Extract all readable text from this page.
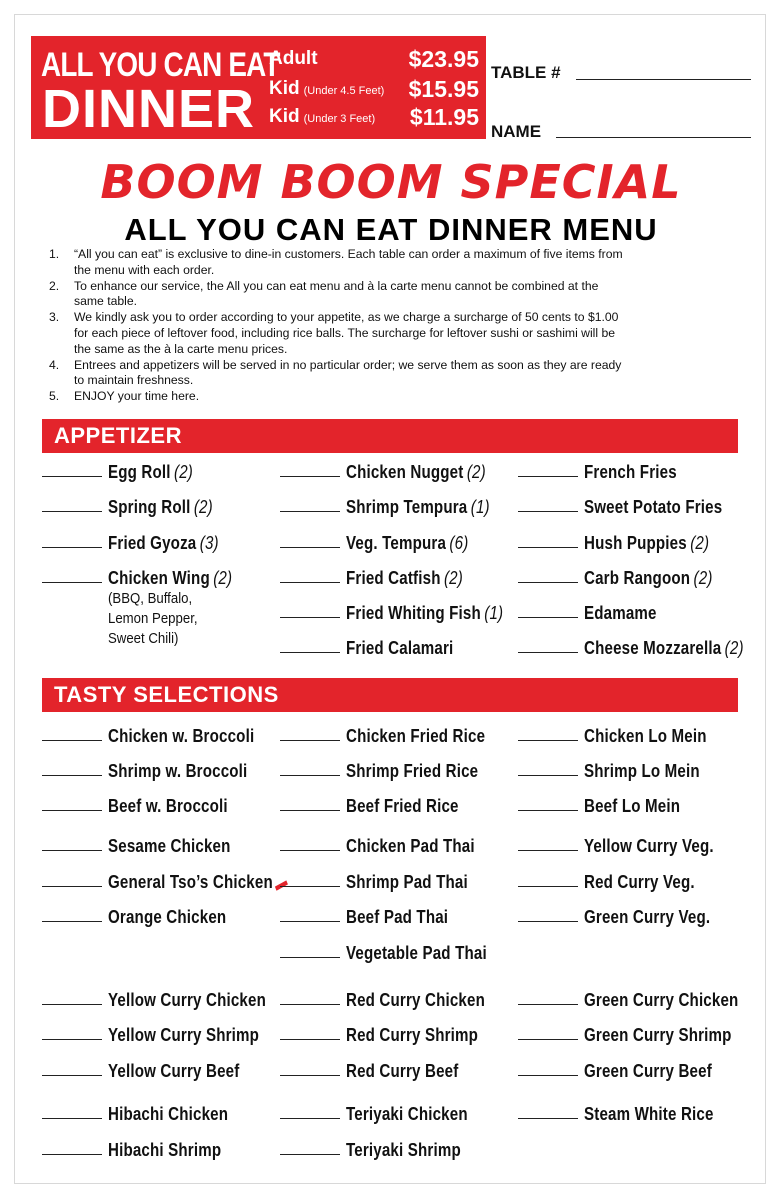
ALL YOU CAN EAT
DINNER
Adult	$23.95
Kid (Under 4.5 Feet) $15.95
Kid (Under 3 Feet) $11.95
TABLE #
NAME
BOOM BOOM SPECIAL
ALL YOU CAN EAT DINNER MENU
1. “All you can eat” is exclusive to dine-in customers. Each table can order a maximum of five items from
the menu with each order.
2. To enhance our service, the All you can eat menu and à la carte menu cannot be combined at the
same table.
3. We kindly ask you to order according to your appetite, as we charge a surcharge of 50 cents to $1.00
for each piece of leftover food, including rice balls. The surcharge for leftover sushi or sashimi will be
the same as the à la carte menu prices.
4. Entrees and appetizers will be served in no particular order; we serve them as soon as they are ready
to maintain freshness.
5. ENJOY your time here.
APPETIZER
Egg Roll (2)
Spring Roll (2)
Fried Gyoza (3)
Chicken Wing (2)
(BBQ, Buffalo,
Lemon Pepper,
Sweet Chili)
Chicken Nugget (2)
Shrimp Tempura (1)
Veg. Tempura (6)
Fried Catfish (2)
Fried Whiting Fish (1)
Fried Calamari
French Fries
Sweet Potato Fries
Hush Puppies (2)
Carb Rangoon (2)
Edamame
Cheese Mozzarella (2)
TASTY SELECTIONS
Chicken w. Broccoli
Shrimp w. Broccoli
Beef w. Broccoli
Sesame Chicken
General Tso’s Chicken▬
Orange Chicken
Yellow Curry Chicken
Yellow Curry Shrimp
Yellow Curry Beef
Hibachi Chicken
Hibachi Shrimp
Chicken Fried Rice
Shrimp Fried Rice
Beef Fried Rice
Chicken Pad Thai
Shrimp Pad Thai
Beef Pad Thai
Vegetable Pad Thai
Red Curry Chicken
Red Curry Shrimp
Red Curry Beef
Teriyaki Chicken
Teriyaki Shrimp
Chicken Lo Mein
Shrimp Lo Mein
Beef Lo Mein
Yellow Curry Veg.
Red Curry Veg.
Green Curry Veg.
Green Curry Chicken
Green Curry Shrimp
Green Curry Beef
Steam White Rice
